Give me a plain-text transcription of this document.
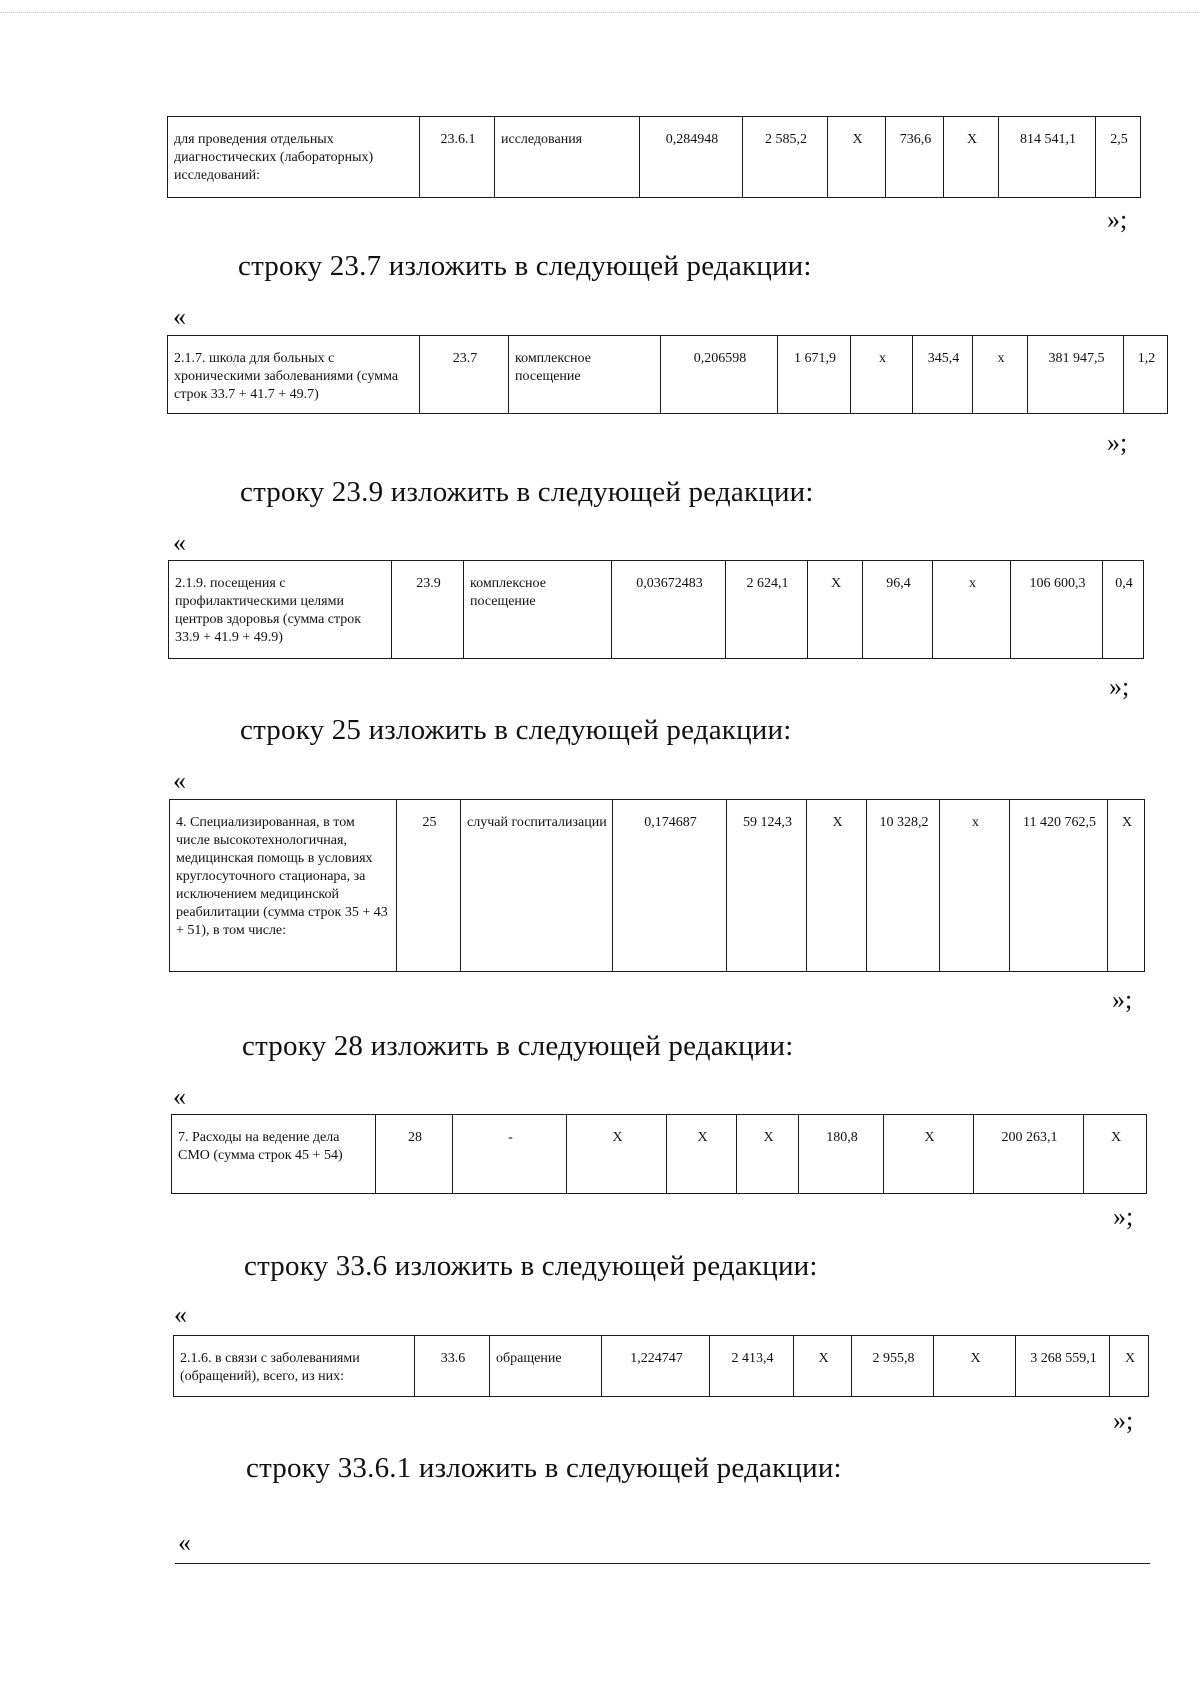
для проведения отдельных диагностических (лабораторных) исследований:	23.6.1	исследования	0,284948	2 585,2	Х	736,6	Х	814 541,1	2,5
»;
строку 23.7 изложить в следующей редакции:
«
2.1.7. школа для больных с хроническими заболеваниями (сумма строк 33.7 + 41.7 + 49.7)	23.7	комплексное посещение	0,206598	1 671,9	х	345,4	х	381 947,5	1,2
»;
строку 23.9 изложить в следующей редакции:
«
2.1.9. посещения с профилактическими целями центров здоровья (сумма строк 33.9 + 41.9 + 49.9)	23.9	комплексное посещение	0,03672483	2 624,1	Х	96,4	х	106 600,3	0,4
»;
строку 25 изложить в следующей редакции:
«
4. Специализированная, в том числе высокотехнологичная, медицинская помощь в условиях круглосуточного стационара, за исключением медицинской реабилитации (сумма строк 35 + 43 + 51), в том числе:	25	случай госпитализации	0,174687	59 124,3	Х	10 328,2	х	11 420 762,5	Х
»;
строку 28 изложить в следующей редакции:
«
7. Расходы на ведение дела СМО (сумма строк 45 + 54)	28	-	Х	Х	Х	180,8	Х	200 263,1	Х
»;
строку 33.6 изложить в следующей редакции:
«
2.1.6. в связи с заболеваниями (обращений), всего, из них:	33.6	обращение	1,224747	2 413,4	Х	2 955,8	Х	3 268 559,1	Х
»;
строку 33.6.1 изложить в следующей редакции:
«
